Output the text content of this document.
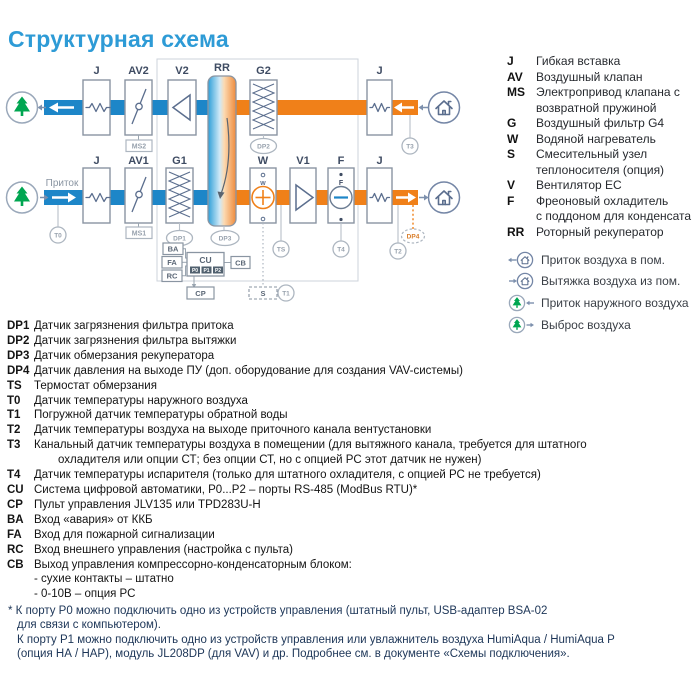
Структурная схема
w	F
T0
T3
TS	T4	T2
T1
DP1
DP2
DP3	DP4
MS2
MS1
BA
FA
RC
CU
P0 P1 P2
CB
CP	S
J	AV2 V2 RR G2	J
J	AV1 G1	W	V1	F	J
Приток
J	Гибкая вставка
AV	Воздушный клапан
MS Электропривод клапана с
возвратной пружиной
G	Воздушный фильтр G4
W	Водяной нагреватель
S	Смесительный узел
теплоносителя (опция)
V	Вентилятор EC
F	Фреоновый охладитель
с поддоном для конденсата
RR Роторный рекуператор
Приток воздуха в пом.
Вытяжка воздуха из пом.
Приток наружного воздуха
Выброс воздуха
DP1 Датчик загрязнения фильтра притока
DP2 Датчик загрязнения фильтра вытяжки
DP3 Датчик обмерзания рекуператора
DP4 Датчик давления на выходе ПУ (доп. оборудование для создания VAV-системы)
TS	Термостат обмерзания
T0	Датчик температуры наружного воздуха
T1	Погружной датчик температуры обратной воды
T2	Датчик температуры воздуха на выходе приточного канала вентустановки
T3	Канальный датчик температуры воздуха в помещении (для вытяжного канала, требуется для штатного
охладителя или опции СТ; без опции СТ, но с опцией РС этот датчик не нужен)
T4	Датчик температуры испарителя (только для штатного охладителя, с опцией РС не требуется)
CU Система цифровой автоматики, P0...P2 – порты RS-485 (ModBus RTU)*
CP Пульт управления JLV135 или TPD283U-H
BA Вход «авария» от ККБ
FA	Вход для пожарной сигнализации
RC Вход внешнего управления (настройка с пульта)
CB Выход управления компрессорно-конденсаторным блоком:
- сухие контакты – штатно
- 0-10В – опция РС
* К порту P0 можно подключить одно из устройств управления (штатный пульт, USB-адаптер BSA-02
для связи с компьютером).
К порту P1 можно подключить одно из устройств управления или увлажнитель воздуха HumiAqua / HumiAqua P
(опция НА / НАР), модуль JL208DP (для VAV) и др. Подробнее см. в документе «Схемы подключения».
